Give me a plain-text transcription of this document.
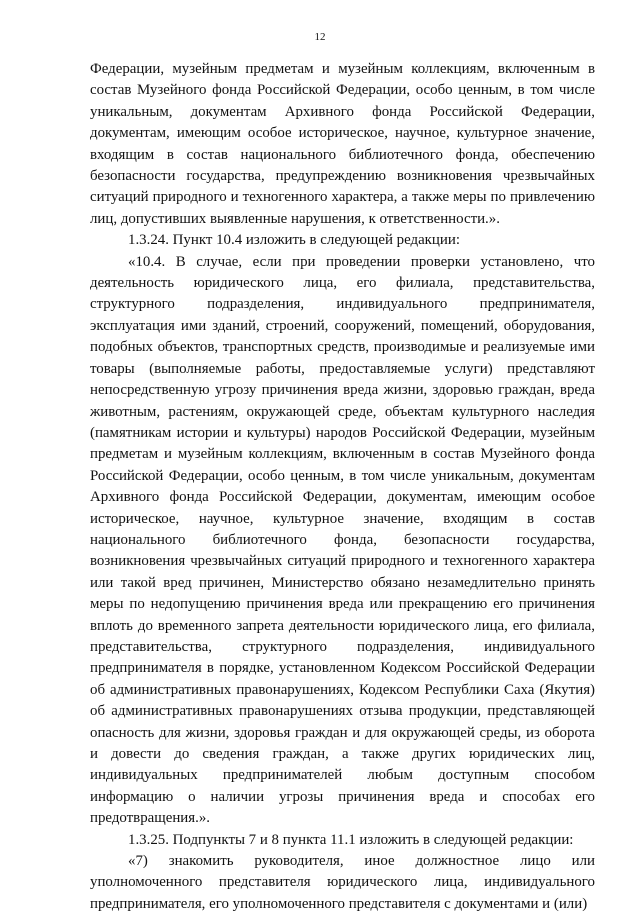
12

Федерации, музейным предметам и музейным коллекциям, включенным в состав Музейного фонда Российской Федерации, особо ценным, в том числе уникальным, документам Архивного фонда Российской Федерации, документам, имеющим особое историческое, научное, культурное значение, входящим в состав национального библиотечного фонда, обеспечению безопасности государства, предупреждению возникновения чрезвычайных ситуаций природного и техногенного характера, а также меры по привлечению лиц, допустивших выявленные нарушения, к ответственности.».

1.3.24. Пункт 10.4 изложить в следующей редакции:

«10.4. В случае, если при проведении проверки установлено, что деятельность юридического лица, его филиала, представительства, структурного подразделения, индивидуального предпринимателя, эксплуатация ими зданий, строений, сооружений, помещений, оборудования, подобных объектов, транспортных средств, производимые и реализуемые ими товары (выполняемые работы, предоставляемые услуги) представляют непосредственную угрозу причинения вреда жизни, здоровью граждан, вреда животным, растениям, окружающей среде, объектам культурного наследия (памятникам истории и культуры) народов Российской Федерации, музейным предметам и музейным коллекциям, включенным в состав Музейного фонда Российской Федерации, особо ценным, в том числе уникальным, документам Архивного фонда Российской Федерации, документам, имеющим особое историческое, научное, культурное значение, входящим в состав национального библиотечного фонда, безопасности государства, возникновения чрезвычайных ситуаций природного и техногенного характера или такой вред причинен, Министерство обязано незамедлительно принять меры по недопущению причинения вреда или прекращению его причинения вплоть до временного запрета деятельности юридического лица, его филиала, представительства, структурного подразделения, индивидуального предпринимателя в порядке, установленном Кодексом Российской Федерации об административных правонарушениях, Кодексом Республики Саха (Якутия) об административных правонарушениях отзыва продукции, представляющей опасность для жизни, здоровья граждан и для окружающей среды, из оборота и довести до сведения граждан, а также других юридических лиц, индивидуальных предпринимателей любым доступным способом информацию о наличии угрозы причинения вреда и способах его предотвращения.».

1.3.25. Подпункты 7 и 8 пункта 11.1 изложить в следующей редакции:

«7) знакомить руководителя, иное должностное лицо или уполномоченного представителя юридического лица, индивидуального предпринимателя, его уполномоченного представителя с документами и (или)
